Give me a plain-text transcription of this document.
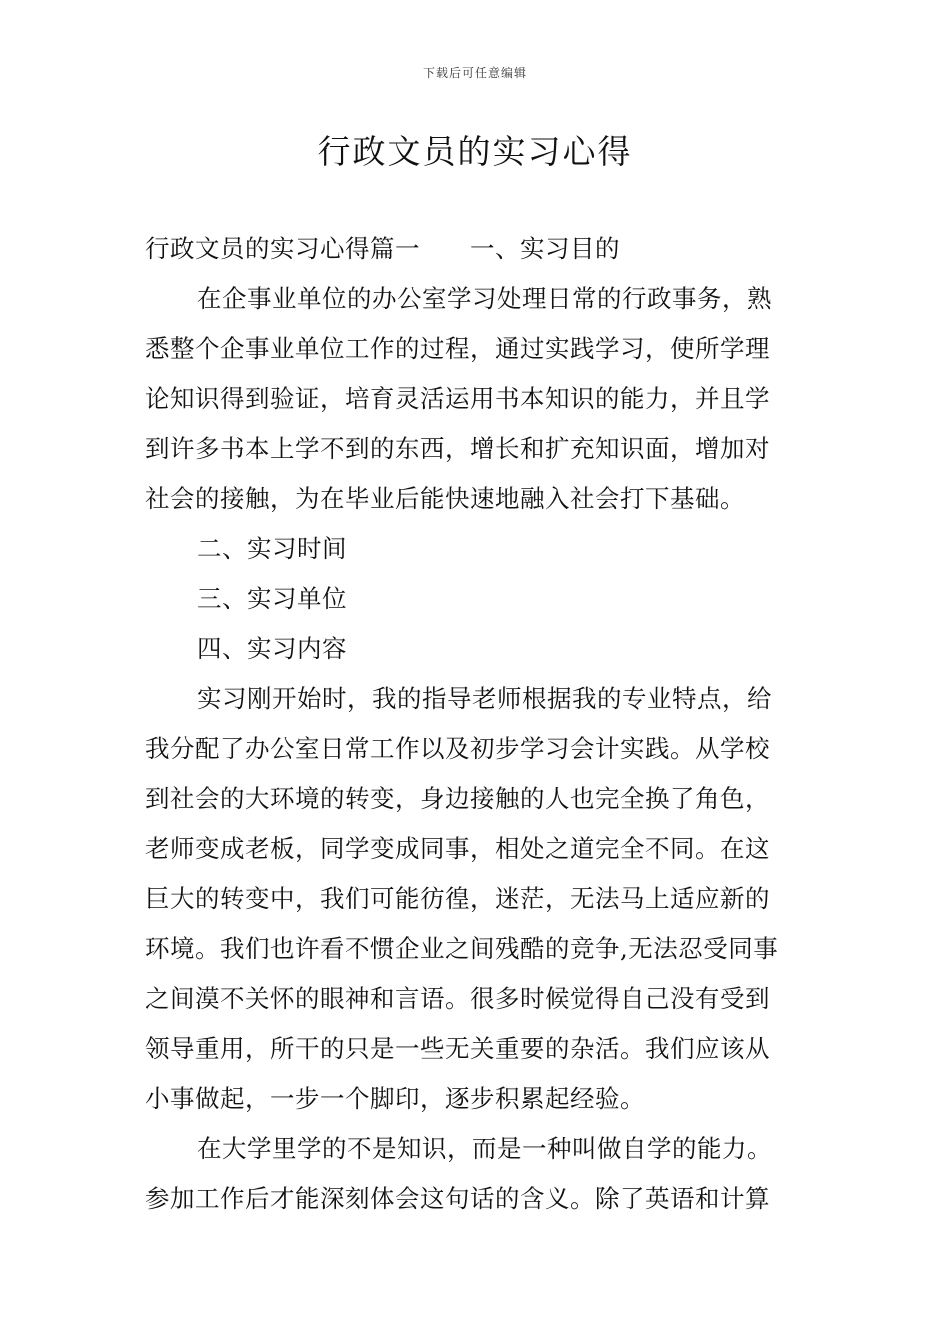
下载后可任意编辑
行政文员的实习心得
行政文员的实习心得篇一 一、实习目的
在企事业单位的办公室学习处理日常的行政事务，熟
悉整个企事业单位工作的过程，通过实践学习，使所学理
论知识得到验证，培育灵活运用书本知识的能力，并且学
到许多书本上学不到的东西，增长和扩充知识面，增加对
社会的接触，为在毕业后能快速地融入社会打下基础。
二、实习时间
三、实习单位
四、实习内容
实习刚开始时，我的指导老师根据我的专业特点，给
我分配了办公室日常工作以及初步学习会计实践。从学校
到社会的大环境的转变，身边接触的人也完全换了角色，
老师变成老板，同学变成同事，相处之道完全不同。在这
巨大的转变中，我们可能彷徨，迷茫，无法马上适应新的
环境。我们也许看不惯企业之间残酷的竞争,无法忍受同事
之间漠不关怀的眼神和言语。很多时候觉得自己没有受到
领导重用，所干的只是一些无关重要的杂活。我们应该从
小事做起，一步一个脚印，逐步积累起经验。
在大学里学的不是知识，而是一种叫做自学的能力。
参加工作后才能深刻体会这句话的含义。除了英语和计算
